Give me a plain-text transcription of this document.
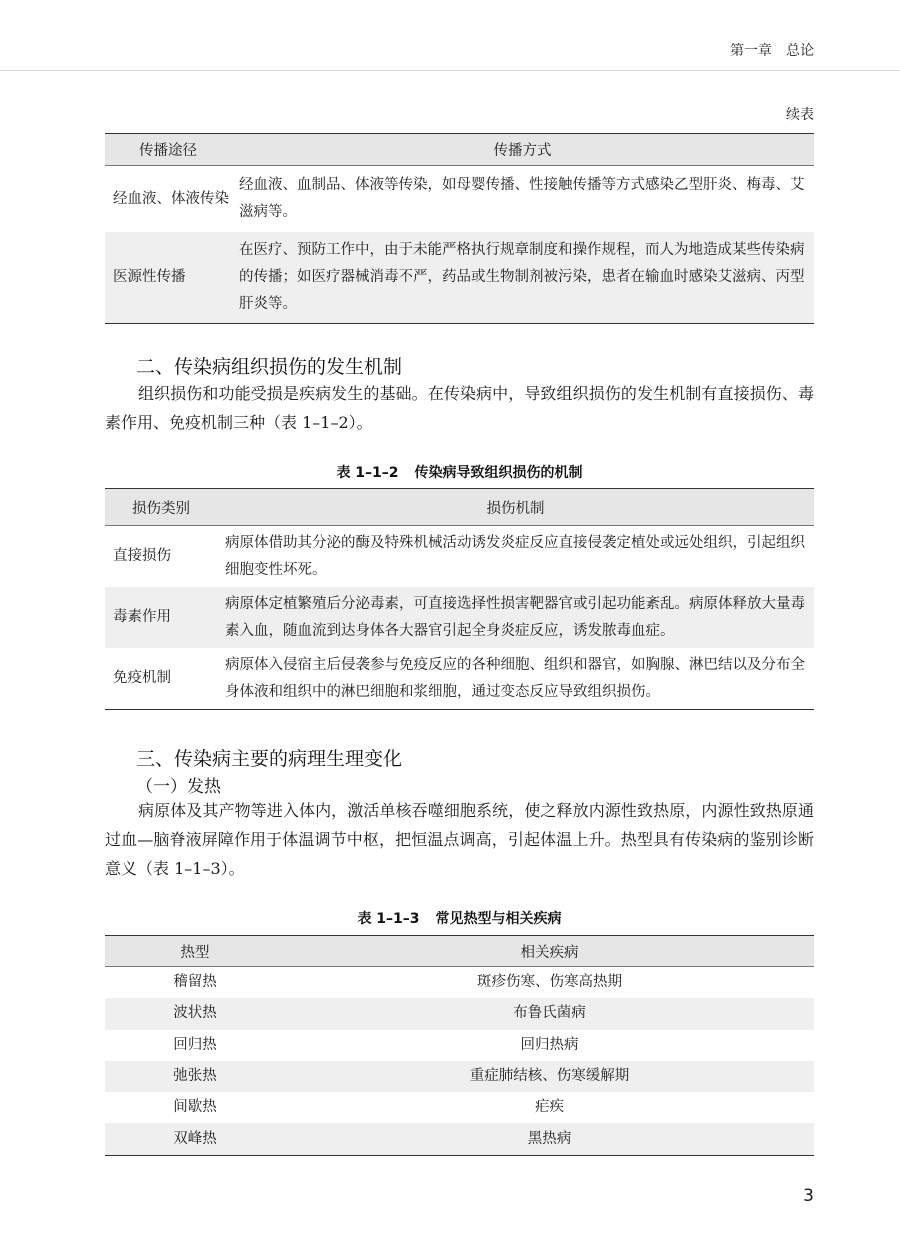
第一章 总论
续表
传播途径	传播方式
经血液、体液传染	经血液、血制品、体液等传染，如母婴传播、性接触传播等方式感染乙型肝炎、梅毒、艾滋病等。
医源性传播	在医疗、预防工作中，由于未能严格执行规章制度和操作规程，而人为地造成某些传染病的传播；如医疗器械消毒不严，药品或生物制剂被污染，患者在输血时感染艾滋病、丙型肝炎等。
二、传染病组织损伤的发生机制

组织损伤和功能受损是疾病发生的基础。在传染病中，导致组织损伤的发生机制有直接损伤、毒素作用、免疫机制三种（表 1–1–2）。

表 1–1–2 传染病导致组织损伤的机制
损伤类别	损伤机制
直接损伤	病原体借助其分泌的酶及特殊机械活动诱发炎症反应直接侵袭定植处或远处组织，引起组织细胞变性坏死。
毒素作用	病原体定植繁殖后分泌毒素，可直接选择性损害靶器官或引起功能紊乱。病原体释放大量毒素入血，随血流到达身体各大器官引起全身炎症反应，诱发脓毒血症。
免疫机制	病原体入侵宿主后侵袭参与免疫反应的各种细胞、组织和器官，如胸腺、淋巴结以及分布全身体液和组织中的淋巴细胞和浆细胞，通过变态反应导致组织损伤。
三、传染病主要的病理生理变化
（一）发热

病原体及其产物等进入体内，激活单核吞噬细胞系统，使之释放内源性致热原，内源性致热原通过血—脑脊液屏障作用于体温调节中枢，把恒温点调高，引起体温上升。热型具有传染病的鉴别诊断意义（表 1–1–3）。

表 1–1–3 常见热型与相关疾病
热型	相关疾病
稽留热	斑疹伤寒、伤寒高热期
波状热	布鲁氏菌病
回归热	回归热病
弛张热	重症肺结核、伤寒缓解期
间歇热	疟疾
双峰热	黑热病
3
